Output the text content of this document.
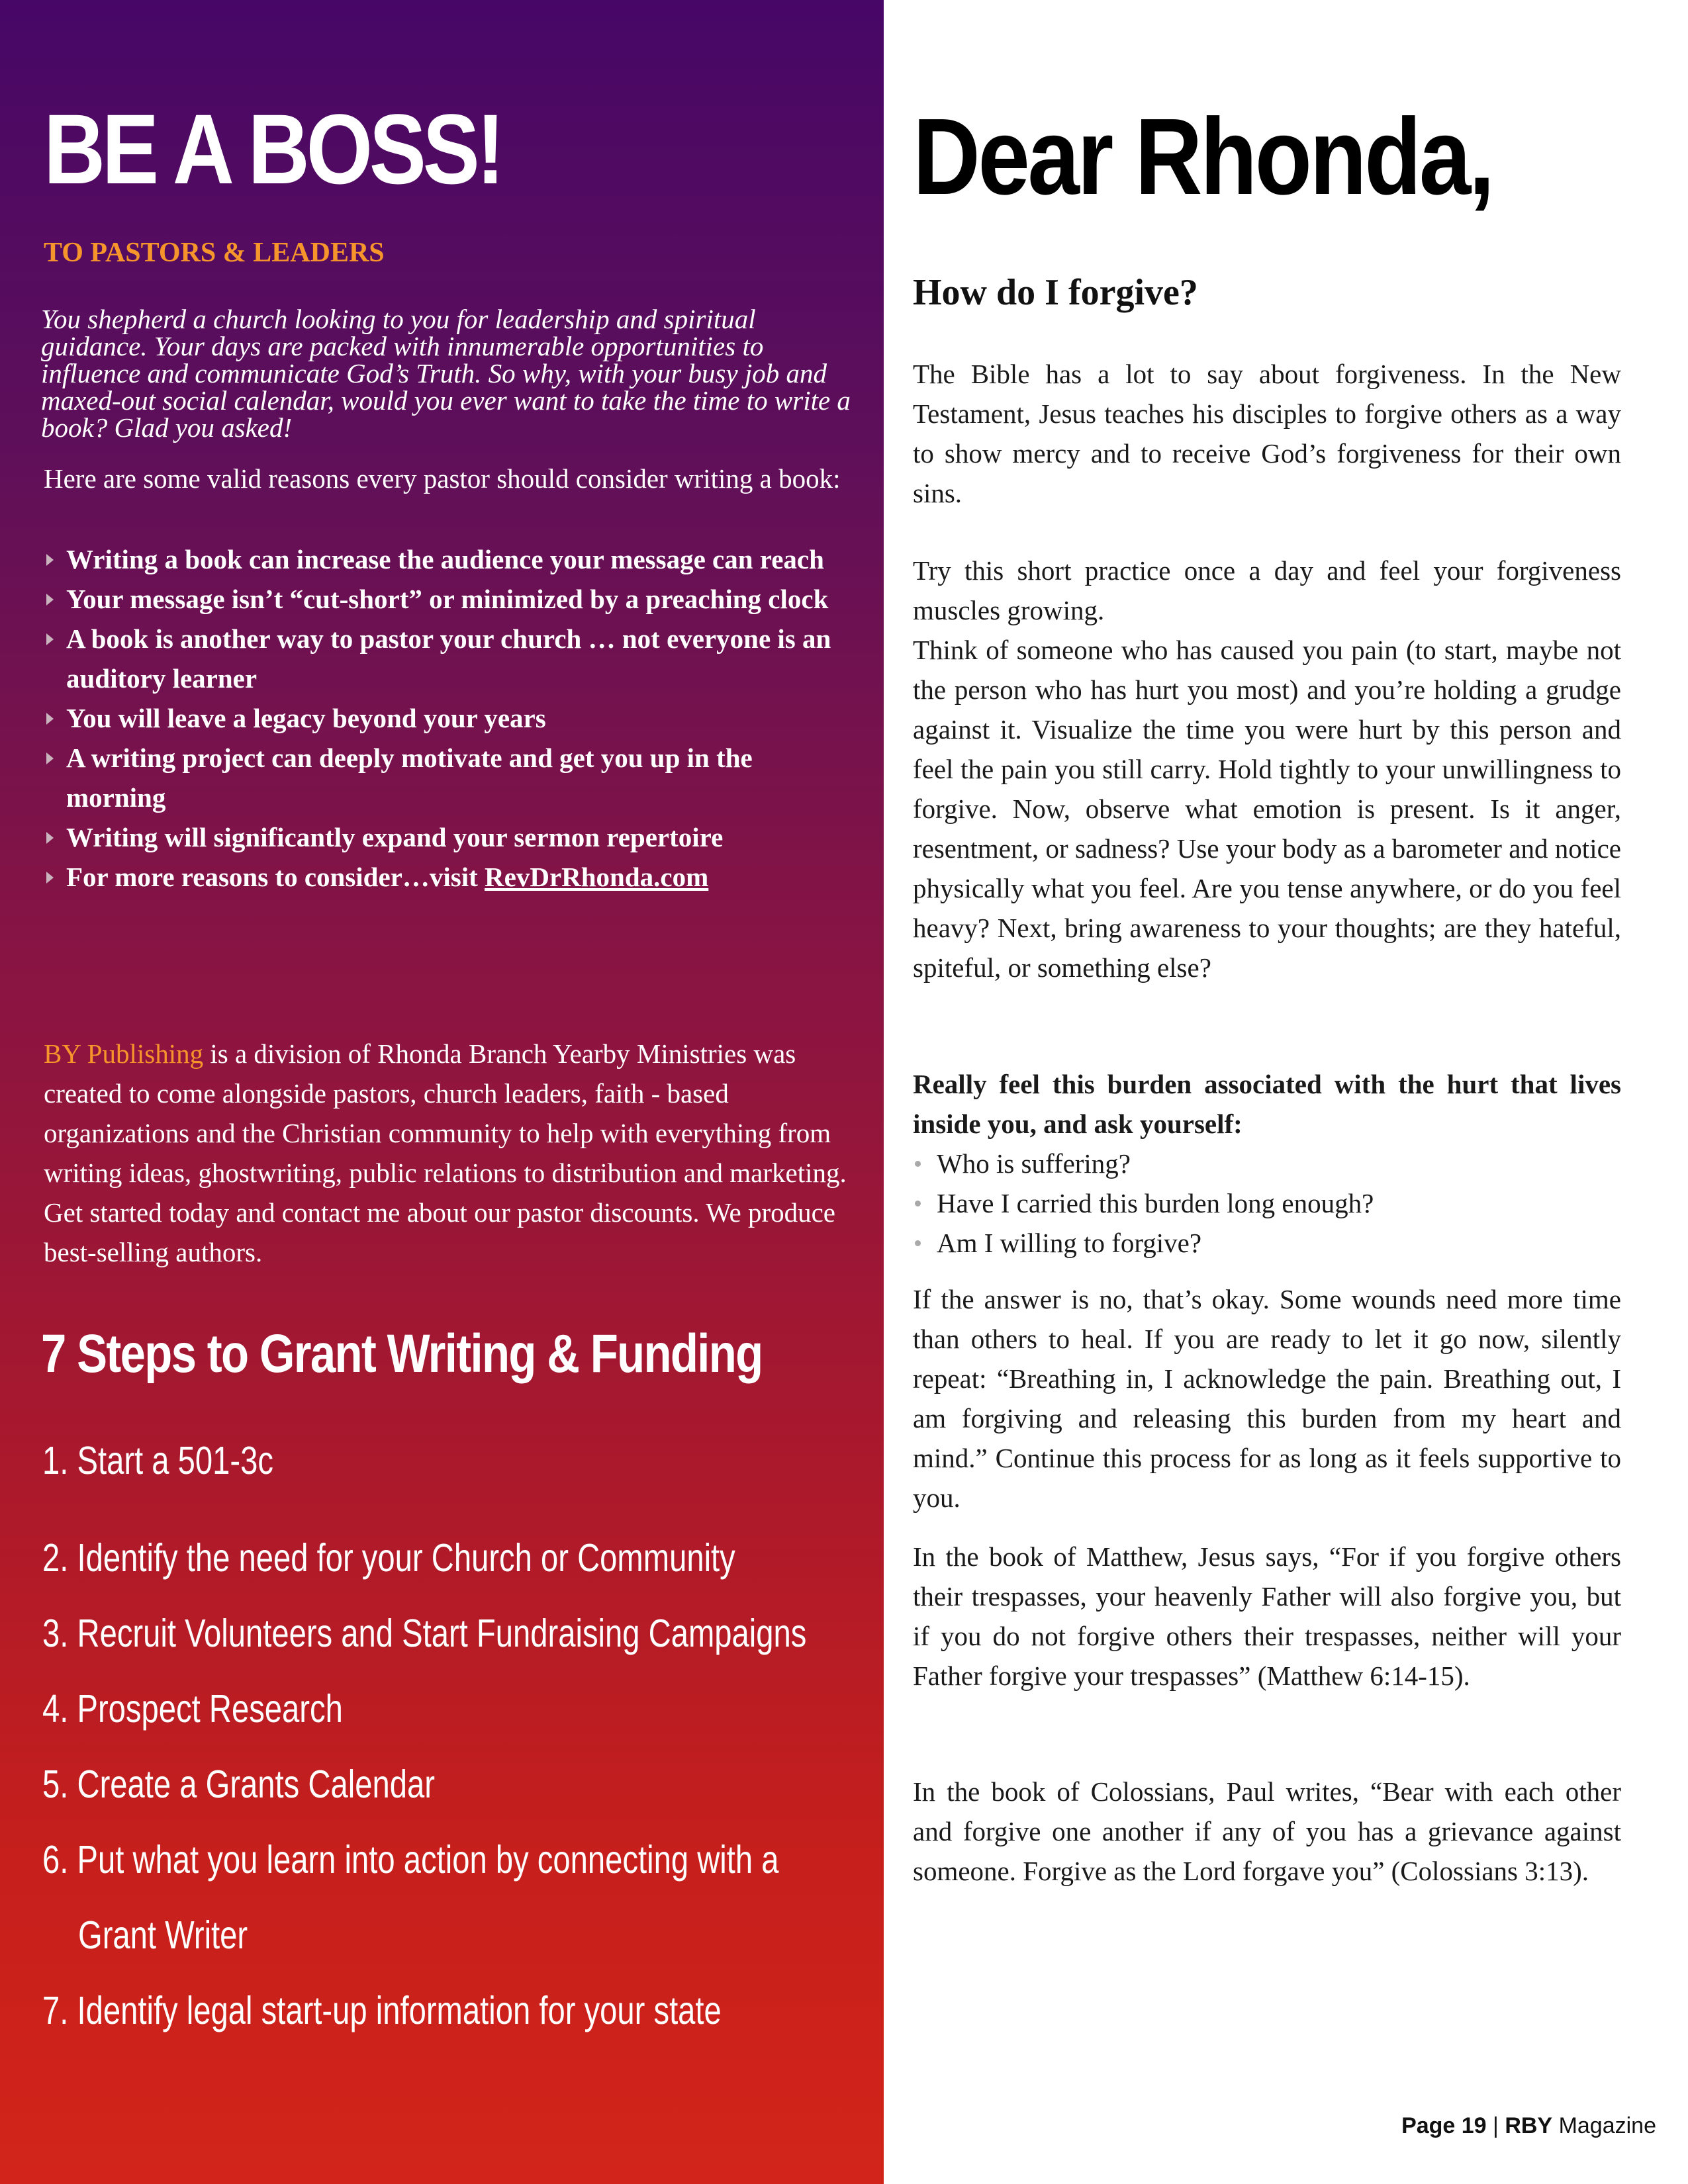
BE A BOSS!
TO PASTORS & LEADERS

You shepherd a church looking to you for leadership and spiritual guidance. Your days are packed with innumerable opportunities to influence and communicate God’s Truth. So why, with your busy job and maxed-out social calendar, would you ever want to take the time to write a book? Glad you asked!

Here are some valid reasons every pastor should consider writing a book:

Writing a book can increase the audience your message can reach
Your message isn’t “cut-short” or minimized by a preaching clock
A book is another way to pastor your church … not everyone is an auditory learner
You will leave a legacy beyond your years
A writing project can deeply motivate and get you up in the morning
Writing will significantly expand your sermon repertoire
For more reasons to consider…visit RevDrRhonda.com

BY Publishing is a division of Rhonda Branch Yearby Ministries was created to come alongside pastors, church leaders, faith - based organizations and the Christian community to help with everything from writing ideas, ghostwriting, public relations to distribution and marketing. Get started today and contact me about our pastor discounts. We produce best-selling authors.

7 Steps to Grant Writing & Funding
1. Start a 501-3c
2. Identify the need for your Church or Community
3. Recruit Volunteers and Start Fundraising Campaigns
4. Prospect Research
5. Create a Grants Calendar
6. Put what you learn into action by connecting with a
Grant Writer
7. Identify legal start-up information for your state
Dear Rhonda,
How do I forgive?

The Bible has a lot to say about forgiveness. In the New Testament, Jesus teaches his disciples to forgive others as a way to show mercy and to receive God’s forgiveness for their own sins.

Try this short practice once a day and feel your forgiveness muscles growing.

Think of someone who has caused you pain (to start, maybe not the person who has hurt you most) and you’re holding a grudge against it. Visualize the time you were hurt by this person and feel the pain you still carry. Hold tightly to your unwillingness to forgive. Now, observe what emotion is present. Is it anger, resentment, or sadness? Use your body as a barometer and notice physically what you feel. Are you tense anywhere, or do you feel heavy? Next, bring awareness to your thoughts; are they hateful, spiteful, or something else?

Really feel this burden associated with the hurt that lives inside you, and ask yourself:

Who is suffering?
Have I carried this burden long enough?
Am I willing to forgive?

If the answer is no, that’s okay. Some wounds need more time than others to heal. If you are ready to let it go now, silently repeat: “Breathing in, I acknowledge the pain. Breathing out, I am forgiving and releasing this burden from my heart and mind.” Continue this process for as long as it feels supportive to you.

In the book of Matthew, Jesus says, “For if you forgive others their trespasses, your heavenly Father will also forgive you, but if you do not forgive others their trespasses, neither will your Father forgive your trespasses” (Matthew 6:14-15).

In the book of Colossians, Paul writes, “Bear with each other and forgive one another if any of you has a grievance against someone. Forgive as the Lord forgave you” (Colossians 3:13).

Page 19 | RBY Magazine
